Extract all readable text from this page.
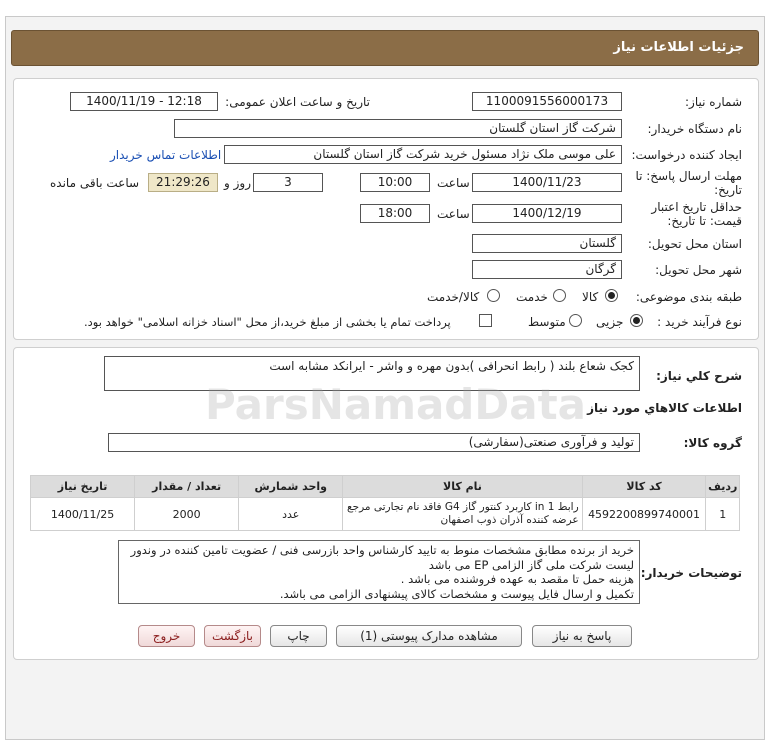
جزئیات اطلاعات نیاز
شماره نیاز:
1100091556000173
تاریخ و ساعت اعلان عمومی:
1400/11/19 - 12:18
نام دستگاه خریدار:
شرکت گاز استان گلستان
ایجاد کننده درخواست:
علی موسی ملک نژاد مسئول خرید شرکت گاز استان گلستان
اطلاعات تماس خریدار
مهلت ارسال پاسخ: تا تاریخ:
1400/11/23
ساعت
10:00
3
روز و
21:29:26
ساعت باقی مانده
حداقل تاریخ اعتبار قیمت: تا تاریخ:
1400/12/19
ساعت
18:00
استان محل تحویل:
گلستان
شهر محل تحویل:
گرگان
طبقه بندی موضوعی:
کالا
خدمت
کالا/خدمت
نوع فرآیند خرید :
جزیی
متوسط
پرداخت تمام یا بخشی از مبلغ خرید،از محل "اسناد خزانه اسلامی" خواهد بود.
شرح کلي نياز:
کجک شعاع بلند ( رابط انحرافی )بدون مهره و واشر - ایرانکد مشابه است
اطلاعات کالاهاي مورد نياز
گروه کالا:
تولید و فرآوری صنعتی(سفارشی)
ردیف	کد کالا	نام کالا	واحد شمارش	تعداد / مقدار	تاریخ نیاز
1	4592200899740001	رابط 1 in کاربرد کنتور گاز G4 فاقد نام تجارتی مرجع عرضه کننده آذران ذوب اصفهان	عدد	2000	1400/11/25
توضیحات خریدار:
خرید از برنده مطابق مشخصات منوط به تایید کارشناس واحد بازرسی فنی / عضویت تامین کننده در وندور
لیست شرکت ملی گاز الزامی EP می باشد
هزینه حمل تا مقصد به عهده فروشنده می باشد .
تکمیل و ارسال فایل پیوست و مشخصات کالای پیشنهادی الزامی می باشد.
پاسخ به نیاز
مشاهده مدارک پیوستی (1)
چاپ
بازگشت
خروج
ParsNamadData
